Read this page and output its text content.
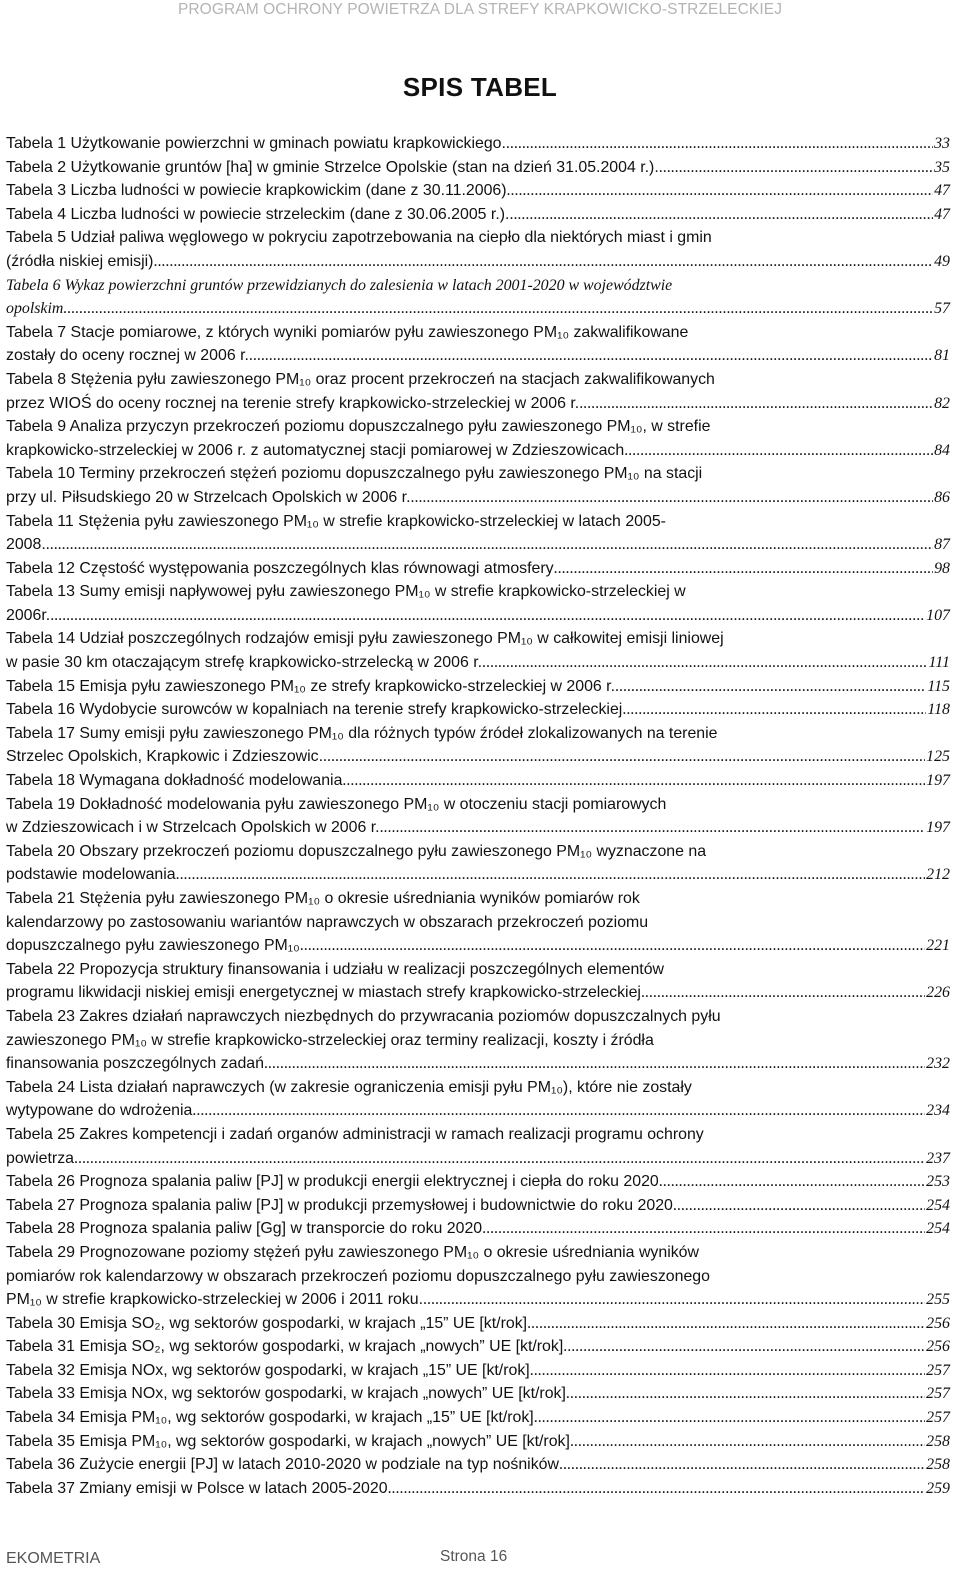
PROGRAM OCHRONY POWIETRZA DLA STREFY KRAPKOWICKO-STRZELECKIEJ
SPIS TABEL
Tabela 1 Użytkowanie powierzchni w gminach powiatu krapkowickiego. .....	33
Tabela 2 Użytkowanie gruntów [ha] w gminie Strzelce Opolskie (stan na dzień 31.05.2004 r.). .....	35
Tabela 3 Liczba ludności w powiecie krapkowickim (dane z 30.11.2006) .....	47
Tabela 4 Liczba ludności w powiecie strzeleckim (dane z 30.06.2005 r.). .....	47
Tabela 5 Udział paliwa węglowego w pokryciu zapotrzebowania na ciepło dla niektórych miast i gmin
(źródła niskiej emisji) .....	49
Tabela 6 Wykaz powierzchni gruntów przewidzianych do zalesienia w latach 2001-2020 w województwie
opolskim .....	57
Tabela 7 Stacje pomiarowe, z których wyniki pomiarów pyłu zawieszonego PM₁₀ zakwalifikowane
zostały do oceny rocznej w 2006 r. .....	81
Tabela 8 Stężenia pyłu zawieszonego PM₁₀ oraz procent przekroczeń na stacjach zakwalifikowanych
przez WIOŚ do oceny rocznej na terenie strefy krapkowicko-strzeleckiej w 2006 r. .....	82
Tabela 9 Analiza przyczyn przekroczeń poziomu dopuszczalnego pyłu zawieszonego PM₁₀, w strefie
krapkowicko-strzeleckiej w 2006 r. z automatycznej stacji pomiarowej w Zdzieszowicach .....	84
Tabela 10 Terminy przekroczeń stężeń poziomu dopuszczalnego pyłu zawieszonego PM₁₀ na stacji
przy ul. Piłsudskiego 20 w Strzelcach Opolskich w 2006 r. .....	86
Tabela 11 Stężenia pyłu zawieszonego PM₁₀ w strefie krapkowicko-strzeleckiej w latach 2005-
2008. .....	87
Tabela 12 Częstość występowania poszczególnych klas równowagi atmosfery .....	98
Tabela 13 Sumy emisji napływowej pyłu zawieszonego PM₁₀ w strefie krapkowicko-strzeleckiej w
2006r. .....	107
Tabela 14 Udział poszczególnych rodzajów emisji pyłu zawieszonego PM₁₀ w całkowitej emisji liniowej
w pasie 30 km otaczającym strefę krapkowicko-strzelecką w 2006 r. .....	111
Tabela 15 Emisja pyłu zawieszonego PM₁₀ ze strefy krapkowicko-strzeleckiej w 2006 r. .....	115
Tabela 16 Wydobycie surowców w kopalniach na terenie strefy krapkowicko-strzeleckiej .....	118
Tabela 17 Sumy emisji pyłu zawieszonego PM₁₀ dla różnych typów źródeł zlokalizowanych na terenie
Strzelec Opolskich, Krapkowic i Zdzieszowic. .....	125
Tabela 18 Wymagana dokładność modelowania .....	197
Tabela 19 Dokładność modelowania pyłu zawieszonego PM₁₀ w otoczeniu stacji pomiarowych
w Zdzieszowicach i w Strzelcach Opolskich w 2006 r. .....	197
Tabela 20 Obszary przekroczeń poziomu dopuszczalnego pyłu zawieszonego PM₁₀ wyznaczone na
podstawie modelowania .....	212
Tabela 21 Stężenia pyłu zawieszonego PM₁₀ o okresie uśredniania wyników pomiarów rok
kalendarzowy po zastosowaniu wariantów naprawczych w obszarach przekroczeń poziomu
dopuszczalnego pyłu zawieszonego PM₁₀ .....	221
Tabela 22 Propozycja struktury finansowania i udziału w realizacji poszczególnych elementów
programu likwidacji niskiej emisji energetycznej w miastach strefy krapkowicko-strzeleckiej .....	226
Tabela 23 Zakres działań naprawczych niezbędnych do przywracania poziomów dopuszczalnych pyłu
zawieszonego PM₁₀ w strefie krapkowicko-strzeleckiej oraz terminy realizacji, koszty i źródła
finansowania poszczególnych zadań .....	232
Tabela 24 Lista działań naprawczych (w zakresie ograniczenia emisji pyłu PM₁₀), które nie zostały
wytypowane do wdrożenia .....	234
Tabela 25 Zakres kompetencji i zadań organów administracji w ramach realizacji programu ochrony
powietrza .....	237
Tabela 26 Prognoza spalania paliw [PJ] w produkcji energii elektrycznej i ciepła do roku 2020 .....	253
Tabela 27 Prognoza spalania paliw [PJ] w produkcji przemysłowej i budownictwie do roku 2020 .....	254
Tabela 28 Prognoza spalania paliw [Gg] w transporcie do roku 2020 .....	254
Tabela 29 Prognozowane poziomy stężeń pyłu zawieszonego PM₁₀ o okresie uśredniania wyników
pomiarów rok kalendarzowy w obszarach przekroczeń poziomu dopuszczalnego pyłu zawieszonego
PM₁₀ w strefie krapkowicko-strzeleckiej w 2006 i 2011 roku. .....	255
Tabela 30 Emisja SO₂, wg sektorów gospodarki, w krajach „15” UE [kt/rok] .....	256
Tabela 31 Emisja SO₂, wg sektorów gospodarki, w krajach „nowych” UE [kt/rok] .....	256
Tabela 32 Emisja NOx, wg sektorów gospodarki, w krajach „15” UE [kt/rok] .....	257
Tabela 33 Emisja NOx, wg sektorów gospodarki, w krajach „nowych” UE [kt/rok] .....	257
Tabela 34 Emisja PM₁₀, wg sektorów gospodarki, w krajach „15” UE [kt/rok] .....	257
Tabela 35 Emisja PM₁₀, wg sektorów gospodarki, w krajach „nowych” UE [kt/rok] .....	258
Tabela 36 Zużycie energii [PJ] w latach 2010-2020 w podziale na typ nośników .....	258
Tabela 37 Zmiany emisji w Polsce w latach 2005-2020 .....	259
EKOMETRIA	Strona 16
